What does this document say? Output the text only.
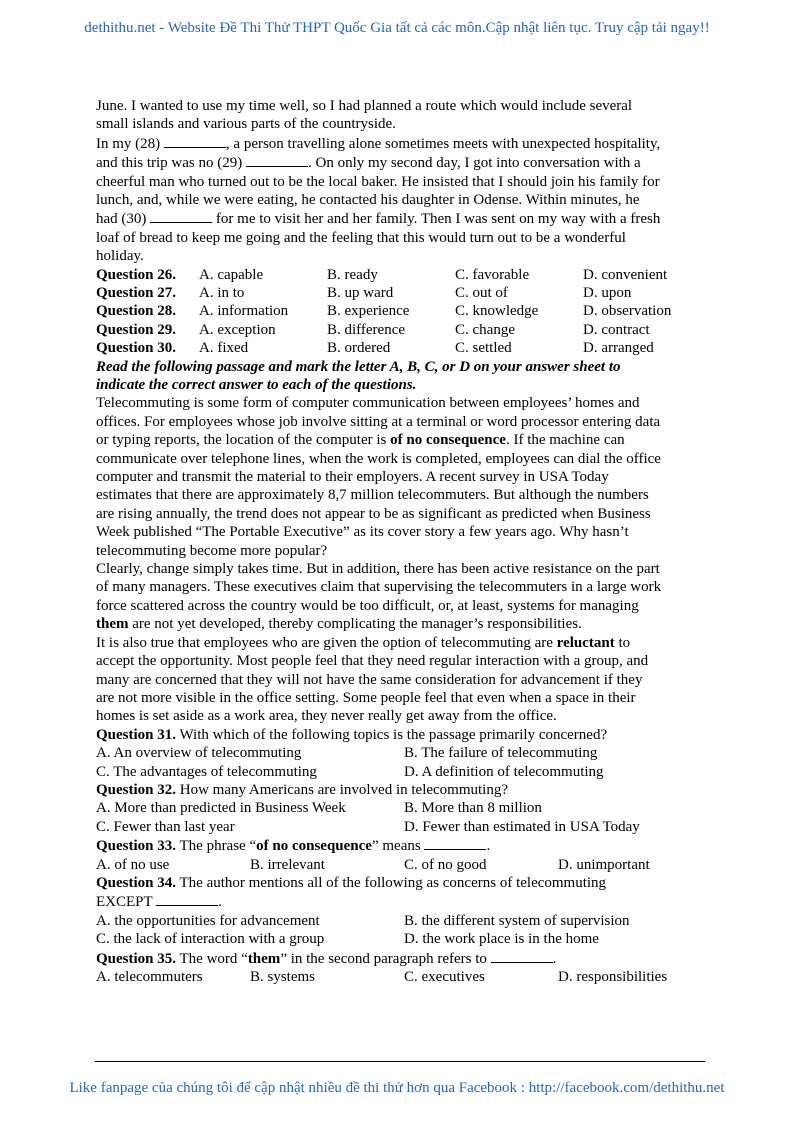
dethithu.net - Website Đề Thi Thử THPT Quốc Gia tất cả các môn.Cập nhật liên tục. Truy cập tải ngay!!

June. I wanted to use my time well, so I had planned a route which would include several

small islands and various parts of the countryside.

In my (28)	, a person travelling alone sometimes meets with unexpected hospitality,

and this trip was no (29)	. On only my second day, I got into conversation with a

cheerful man who turned out to be the local baker. He insisted that I should join his family for

lunch, and, while we were eating, he contacted his daughter in Odense. Within minutes, he

had (30)	for me to visit her and her family. Then I was sent on my way with a fresh

loaf of bread to keep me going and the feeling that this would turn out to be a wonderful

holiday.

Question 26. A. capable	B. ready	C. favorable	D. convenient
Question 27. A. in to	B. up ward	C. out of	D. upon
Question 28. A. information	B. experience	C. knowledge	D. observation
Question 29. A. exception	B. difference	C. change	D. contract
Question 30. A. fixed	B. ordered	C. settled	D. arranged

Read the following passage and mark the letter A, B, C, or D on your answer sheet to

indicate the correct answer to each of the questions.

Telecommuting is some form of computer communication between employees’ homes and

offices. For employees whose job involve sitting at a terminal or word processor entering data

or typing reports, the location of the computer is of no consequence. If the machine can

communicate over telephone lines, when the work is completed, employees can dial the office

computer and transmit the material to their employers. A recent survey in USA Today

estimates that there are approximately 8,7 million telecommuters. But although the numbers

are rising annually, the trend does not appear to be as significant as predicted when Business

Week published “The Portable Executive” as its cover story a few years ago. Why hasn’t

telecommuting become more popular?

Clearly, change simply takes time. But in addition, there has been active resistance on the part

of many managers. These executives claim that supervising the telecommuters in a large work

force scattered across the country would be too difficult, or, at least, systems for managing

them are not yet developed, thereby complicating the manager’s responsibilities.

It is also true that employees who are given the option of telecommuting are reluctant to

accept the opportunity. Most people feel that they need regular interaction with a group, and

many are concerned that they will not have the same consideration for advancement if they

are not more visible in the office setting. Some people feel that even when a space in their

homes is set aside as a work area, they never really get away from the office.

Question 31. With which of the following topics is the passage primarily concerned?

A. An overview of telecommuting	B. The failure of telecommuting
C. The advantages of telecommuting	D. A definition of telecommuting

Question 32. How many Americans are involved in telecommuting?

A. More than predicted in Business Week	B. More than 8 million
C. Fewer than last year	D. Fewer than estimated in USA Today

Question 33. The phrase “of no consequence” means	.

A. of no use	B. irrelevant	C. of no good	D. unimportant

Question 34. The author mentions all of the following as concerns of telecommuting

EXCEPT	.

A. the opportunities for advancement	B. the different system of supervision
C. the lack of interaction with a group	D. the work place is in the home

Question 35. The word “them” in the second paragraph refers to	.

A. telecommuters	B. systems	C. executives	D. responsibilities
Like fanpage của chúng tôi để cập nhật nhiều đề thi thử hơn qua Facebook : http://facebook.com/dethithu.net
